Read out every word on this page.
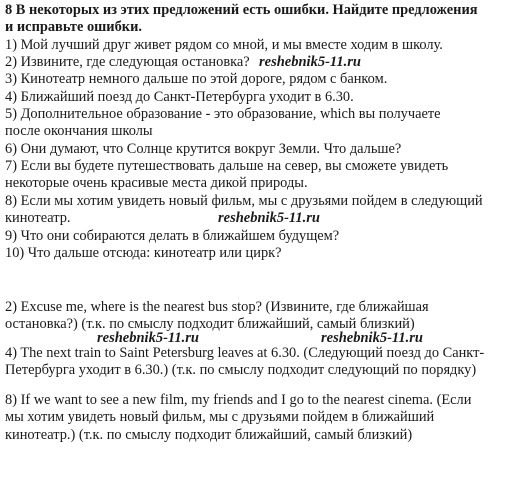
8 В некоторых из этих предложений есть ошибки. Найдите предложения
и исправьте ошибки.
1) Мой лучший друг живет рядом со мной, и мы вместе ходим в школу.
2) Извините, где следующая остановка?
3) Кинотеатр немного дальше по этой дороге, рядом с банком.
4) Ближайший поезд до Санкт-Петербурга уходит в 6.30.
5) Дополнительное образование - это образование, which вы получаете
после окончания школы
6) Они думают, что Солнце крутится вокруг Земли. Что дальше?
7) Если вы будете путешествовать дальше на север, вы сможете увидеть
некоторые очень красивые места дикой природы.
8) Если мы хотим увидеть новый фильм, мы с друзьями пойдем в следующий
кинотеатр.
9) Что они собираются делать в ближайшем будущем?
10) Что дальше отсюда: кинотеатр или цирк?
2) Excuse me, where is the nearest bus stop? (Извините, где ближайшая
остановка?) (т.к. по смыслу подходит ближайший, самый близкий)
4) The next train to Saint Petersburg leaves at 6.30. (Следующий поезд до Санкт-
Петербурга уходит в 6.30.) (т.к. по смыслу подходит следующий по порядку)
8) If we want to see a new film, my friends and I go to the nearest cinema. (Если
мы хотим увидеть новый фильм, мы с друзьями пойдем в ближайший
кинотеатр.) (т.к. по смыслу подходит ближайший, самый близкий)
reshebnik5-11.ru
reshebnik5-11.ru
reshebnik5-11.ru	reshebnik5-11.ru
